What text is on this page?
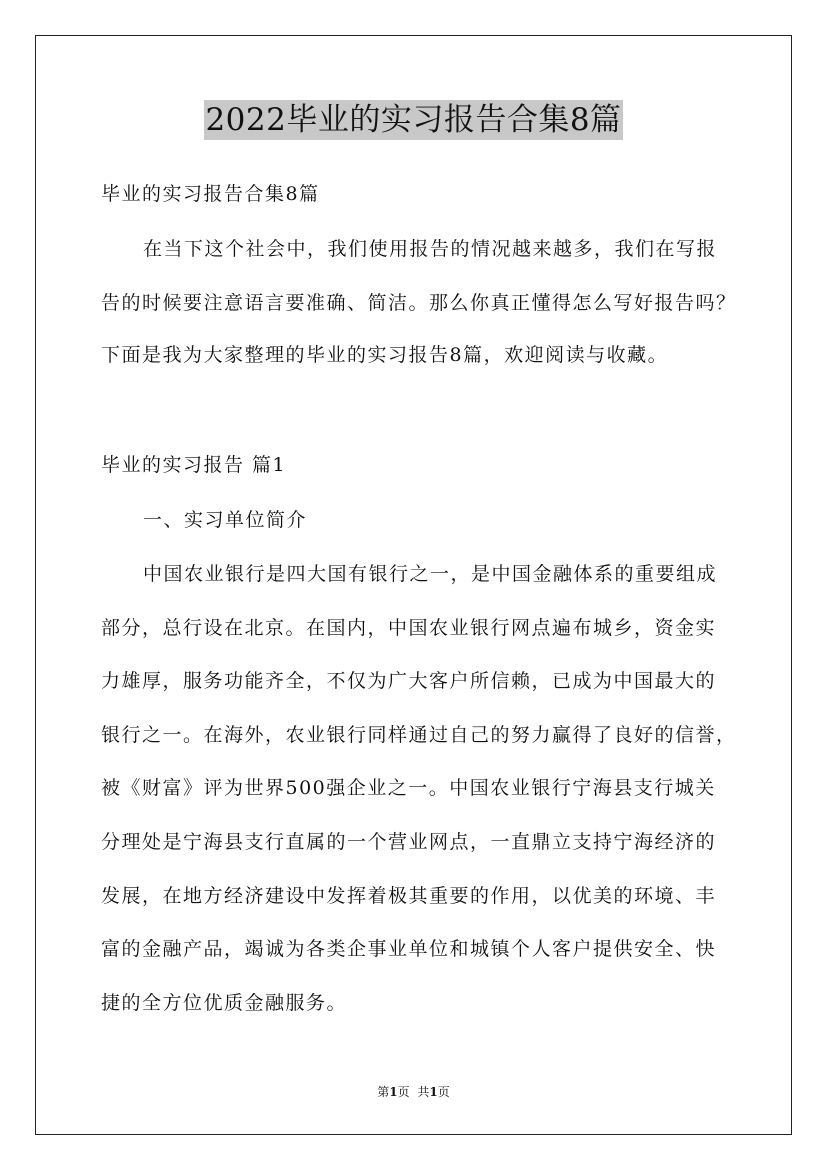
2022毕业的实习报告合集8篇
毕业的实习报告合集8篇
在当下这个社会中，我们使用报告的情况越来越多，我们在写报
告的时候要注意语言要准确、简洁。那么你真正懂得怎么写好报告吗？
下面是我为大家整理的毕业的实习报告8篇，欢迎阅读与收藏。
毕业的实习报告 篇1
一、实习单位简介
中国农业银行是四大国有银行之一，是中国金融体系的重要组成
部分，总行设在北京。在国内，中国农业银行网点遍布城乡，资金实
力雄厚，服务功能齐全，不仅为广大客户所信赖，已成为中国最大的
银行之一。在海外，农业银行同样通过自己的努力赢得了良好的信誉，
被《财富》评为世界500强企业之一。中国农业银行宁海县支行城关
分理处是宁海县支行直属的一个营业网点，一直鼎立支持宁海经济的
发展，在地方经济建设中发挥着极其重要的作用，以优美的环境、丰
富的金融产品，竭诚为各类企事业单位和城镇个人客户提供安全、快
捷的全方位优质金融服务。
第1页 共1页
